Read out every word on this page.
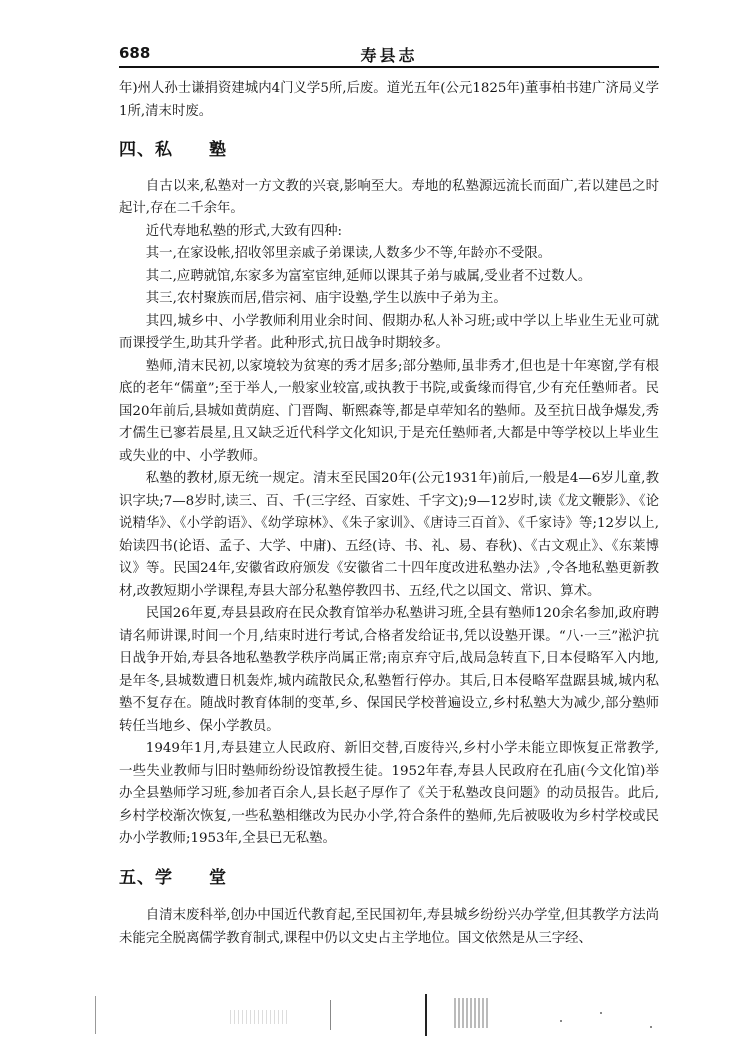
688	寿县志

年)州人孙士谦捐资建城内4门义学5所,后废。道光五年(公元1825年)董事柏书建广济局义学1所,清末时废。

四、私　　塾

自古以来,私塾对一方文教的兴衰,影响至大。寿地的私塾源远流长而面广,若以建邑之时起计,存在二千余年。

近代寿地私塾的形式,大致有四种:

其一,在家设帐,招收邻里亲戚子弟课读,人数多少不等,年龄亦不受限。

其二,应聘就馆,东家多为富室宦绅,延师以课其子弟与戚属,受业者不过数人。

其三,农村聚族而居,借宗祠、庙宇设塾,学生以族中子弟为主。

其四,城乡中、小学教师利用业余时间、假期办私人补习班;或中学以上毕业生无业可就而课授学生,助其升学者。此种形式,抗日战争时期较多。

塾师,清末民初,以家境较为贫寒的秀才居多;部分塾师,虽非秀才,但也是十年寒窗,学有根底的老年“儒童”;至于举人,一般家业较富,或执教于书院,或夤缘而得官,少有充任塾师者。民国20年前后,县城如黄荫庭、门晋陶、靳熙森等,都是卓荦知名的塾师。及至抗日战争爆发,秀才儒生已寥若晨星,且又缺乏近代科学文化知识,于是充任塾师者,大都是中等学校以上毕业生或失业的中、小学教师。

私塾的教材,原无统一规定。清末至民国20年(公元1931年)前后,一般是4—6岁儿童,教识字块;7—8岁时,读三、百、千(三字经、百家姓、千字文);9—12岁时,读《龙文鞭影》、《论说精华》、《小学韵语》、《幼学琼林》、《朱子家训》、《唐诗三百首》、《千家诗》等;12岁以上,始读四书(论语、孟子、大学、中庸)、五经(诗、书、礼、易、春秋)、《古文观止》、《东莱博议》等。民国24年,安徽省政府颁发《安徽省二十四年度改进私塾办法》,令各地私塾更新教材,改教短期小学课程,寿县大部分私塾停教四书、五经,代之以国文、常识、算术。

民国26年夏,寿县县政府在民众教育馆举办私塾讲习班,全县有塾师120余名参加,政府聘请名师讲课,时间一个月,结束时进行考试,合格者发给证书,凭以设塾开课。“八·一三”淞沪抗日战争开始,寿县各地私塾教学秩序尚属正常;南京弃守后,战局急转直下,日本侵略军入内地,是年冬,县城数遭日机轰炸,城内疏散民众,私塾暂行停办。其后,日本侵略军盘踞县城,城内私塾不复存在。随战时教育体制的变革,乡、保国民学校普遍设立,乡村私塾大为减少,部分塾师转任当地乡、保小学教员。

1949年1月,寿县建立人民政府、新旧交替,百废待兴,乡村小学未能立即恢复正常教学,一些失业教师与旧时塾师纷纷设馆教授生徒。1952年春,寿县人民政府在孔庙(今文化馆)举办全县塾师学习班,参加者百余人,县长赵子厚作了《关于私塾改良问题》的动员报告。此后,乡村学校渐次恢复,一些私塾相继改为民办小学,符合条件的塾师,先后被吸收为乡村学校或民办小学教师;1953年,全县已无私塾。

五、学　　堂

自清末废科举,创办中国近代教育起,至民国初年,寿县城乡纷纷兴办学堂,但其教学方法尚未能完全脱离儒学教育制式,课程中仍以文史占主学地位。国文依然是从三字经、
